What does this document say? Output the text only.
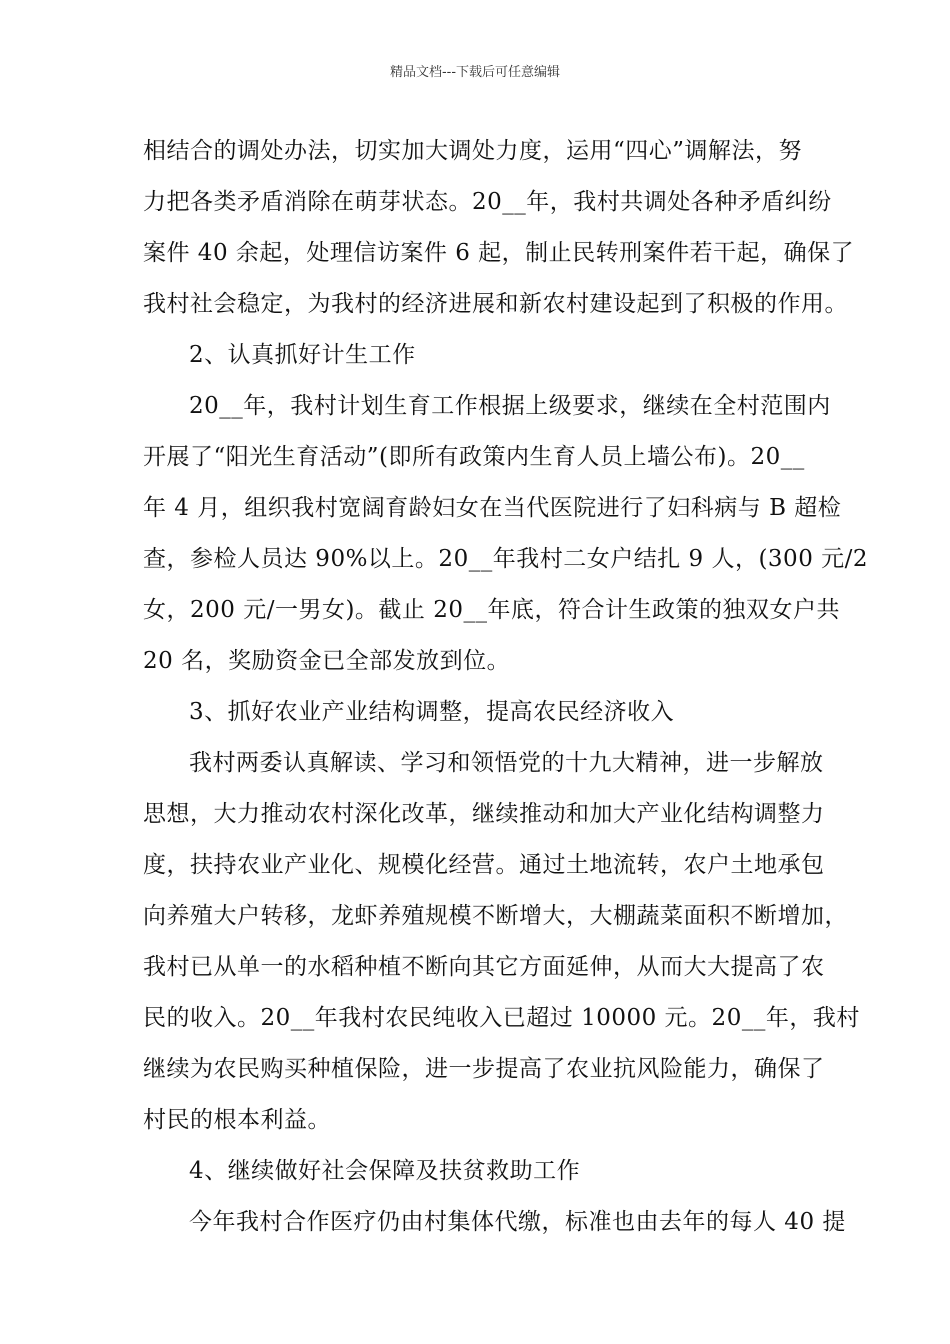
精品文档---下载后可任意编辑
相结合的调处办法，切实加大调处力度，运用“四心”调解法，努
力把各类矛盾消除在萌芽状态。20__年，我村共调处各种矛盾纠纷
案件 40 余起，处理信访案件 6 起，制止民转刑案件若干起，确保了
我村社会稳定，为我村的经济进展和新农村建设起到了积极的作用。
2、认真抓好计生工作
20__年，我村计划生育工作根据上级要求，继续在全村范围内
开展了“阳光生育活动”(即所有政策内生育人员上墙公布)。20__
年 4 月，组织我村宽阔育龄妇女在当代医院进行了妇科病与 B 超检
查，参检人员达 90%以上。20__年我村二女户结扎 9 人，(300 元/2
女，200 元/一男女)。截止 20__年底，符合计生政策的独双女户共
20 名，奖励资金已全部发放到位。
3、抓好农业产业结构调整，提高农民经济收入
我村两委认真解读、学习和领悟党的十九大精神，进一步解放
思想，大力推动农村深化改革，继续推动和加大产业化结构调整力
度，扶持农业产业化、规模化经营。通过土地流转，农户土地承包
向养殖大户转移，龙虾养殖规模不断增大，大棚蔬菜面积不断增加，
我村已从单一的水稻种植不断向其它方面延伸，从而大大提高了农
民的收入。20__年我村农民纯收入已超过 10000 元。20__年，我村
继续为农民购买种植保险，进一步提高了农业抗风险能力，确保了
村民的根本利益。
4、继续做好社会保障及扶贫救助工作
今年我村合作医疗仍由村集体代缴，标准也由去年的每人 40 提
